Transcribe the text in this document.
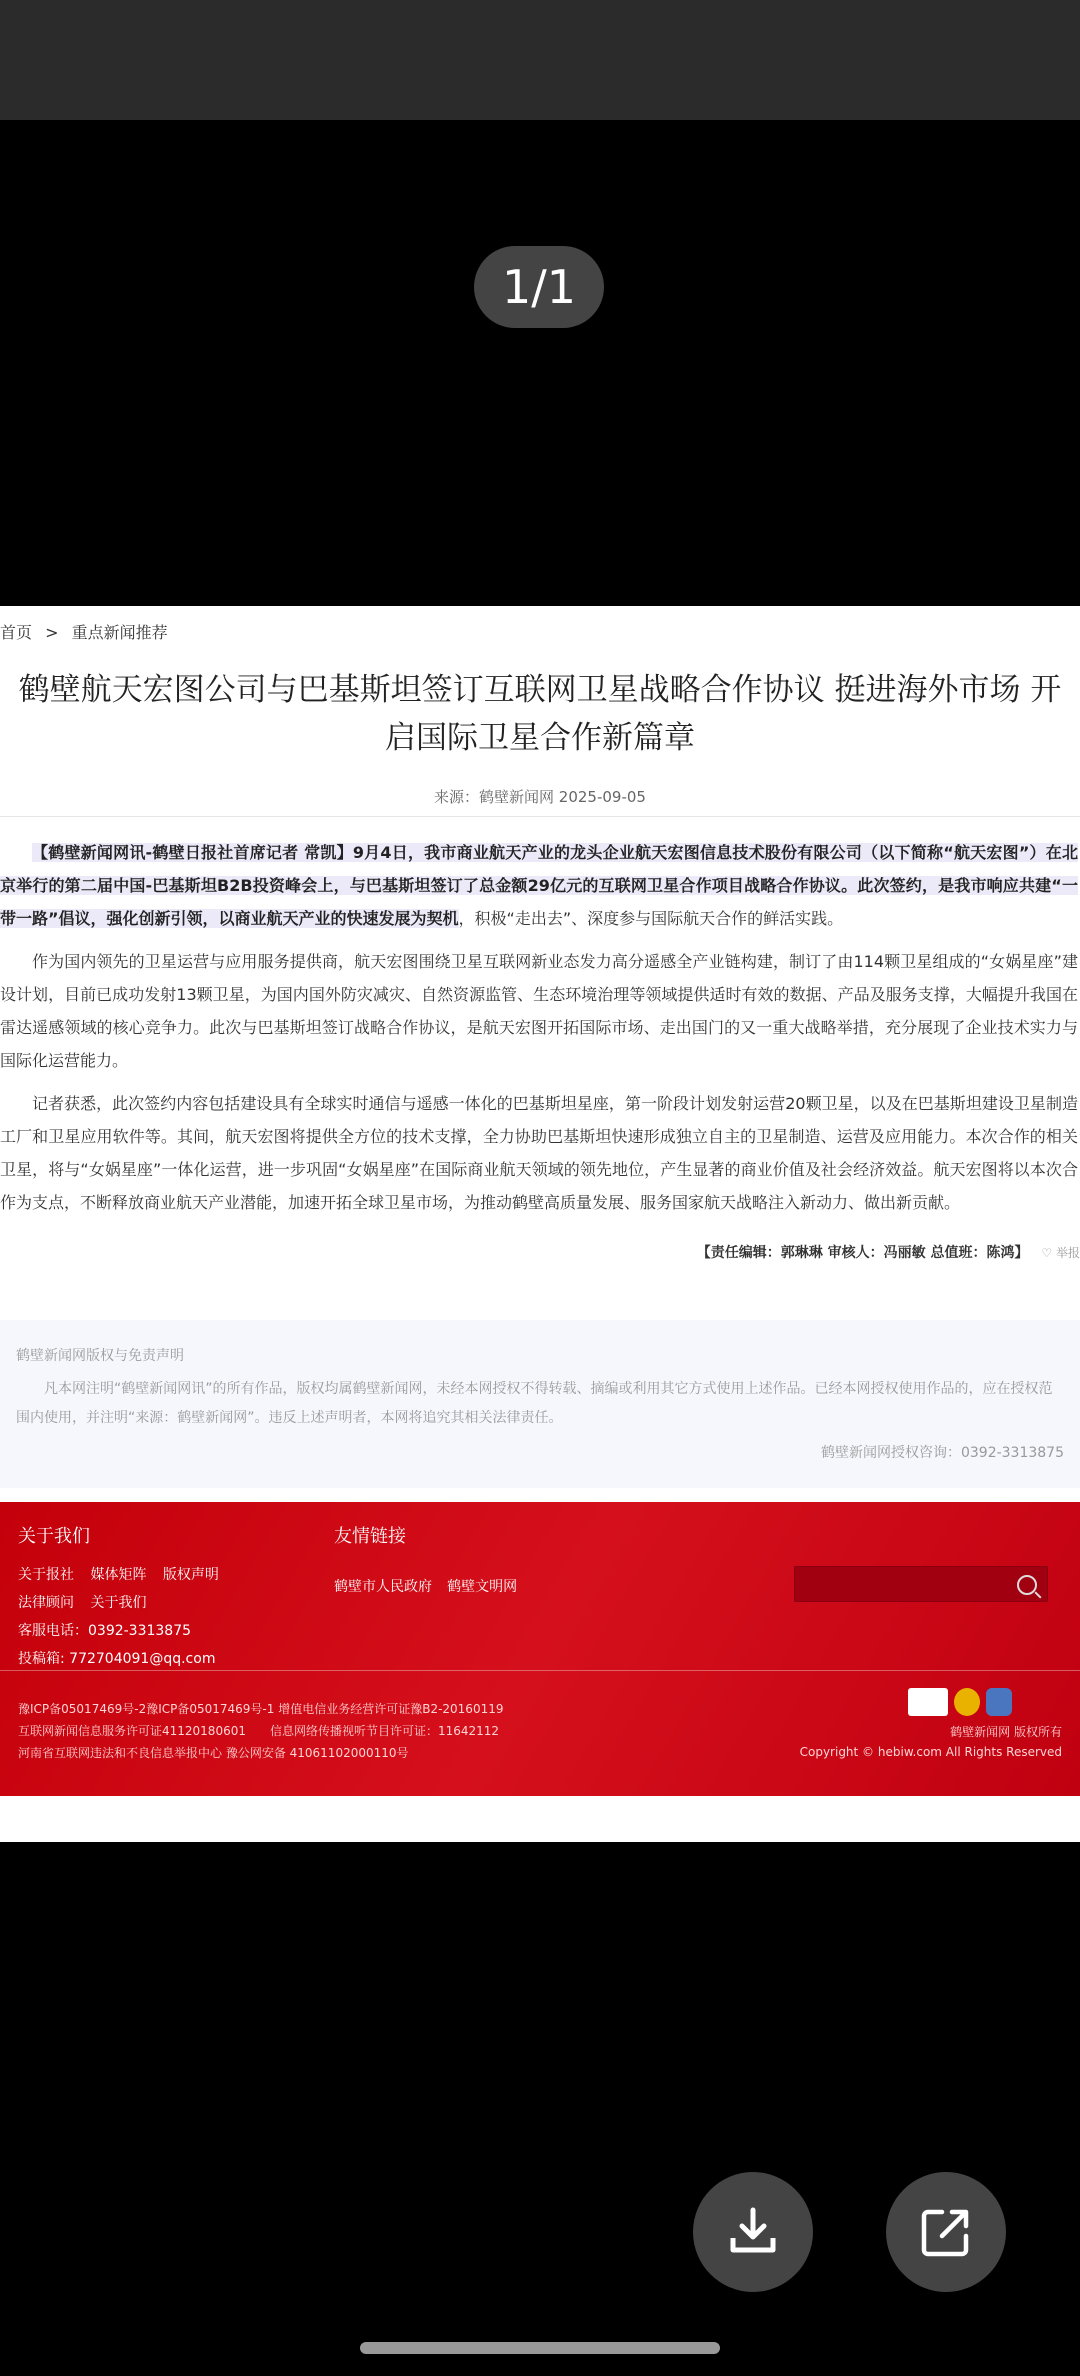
1/1
首页 > 重点新闻推荐
鹤壁航天宏图公司与巴基斯坦签订互联网卫星战略合作协议 挺进海外市场 开启国际卫星合作新篇章
来源：鹤壁新闻网 2025-09-05

【鹤壁新闻网讯-鹤壁日报社首席记者 常凯】9月4日，我市商业航天产业的龙头企业航天宏图信息技术股份有限公司（以下简称“航天宏图”）在北京举行的第二届中国-巴基斯坦B2B投资峰会上，与巴基斯坦签订了总金额29亿元的互联网卫星合作项目战略合作协议。此次签约，是我市响应共建“一带一路”倡议，强化创新引领，以商业航天产业的快速发展为契机，积极“走出去”、深度参与国际航天合作的鲜活实践。

作为国内领先的卫星运营与应用服务提供商，航天宏图围绕卫星互联网新业态发力高分遥感全产业链构建，制订了由114颗卫星组成的“女娲星座”建设计划，目前已成功发射13颗卫星，为国内国外防灾减灾、自然资源监管、生态环境治理等领域提供适时有效的数据、产品及服务支撑，大幅提升我国在雷达遥感领域的核心竞争力。此次与巴基斯坦签订战略合作协议，是航天宏图开拓国际市场、走出国门的又一重大战略举措，充分展现了企业技术实力与国际化运营能力。

记者获悉，此次签约内容包括建设具有全球实时通信与遥感一体化的巴基斯坦星座，第一阶段计划发射运营20颗卫星，以及在巴基斯坦建设卫星制造工厂和卫星应用软件等。其间，航天宏图将提供全方位的技术支撑，全力协助巴基斯坦快速形成独立自主的卫星制造、运营及应用能力。本次合作的相关卫星，将与“女娲星座”一体化运营，进一步巩固“女娲星座”在国际商业航天领域的领先地位，产生显著的商业价值及社会经济效益。航天宏图将以本次合作为支点，不断释放商业航天产业潜能，加速开拓全球卫星市场，为推动鹤壁高质量发展、服务国家航天战略注入新动力、做出新贡献。

【责任编辑：郭琳琳 审核人：冯丽敏 总值班：陈鸿】 ♡ 举报
鹤壁新闻网版权与免责声明
凡本网注明“鹤壁新闻网讯”的所有作品，版权均属鹤壁新闻网，未经本网授权不得转载、摘编或利用其它方式使用上述作品。已经本网授权使用作品的，应在授权范围内使用，并注明“来源：鹤壁新闻网”。违反上述声明者，本网将追究其相关法律责任。
鹤壁新闻网授权咨询：0392-3313875
关于我们
关于报社 媒体矩阵 版权声明
法律顾问 关于我们
客服电话：0392-3313875
投稿箱: 772704091@qq.com
友情链接
鹤壁市人民政府 鹤壁文明网
豫ICP备05017469号-2豫ICP备05017469号-1 增值电信业务经营许可证豫B2-20160119
互联网新闻信息服务许可证41120180601 信息网络传播视听节目许可证：11642112
河南省互联网违法和不良信息举报中心 豫公网安备 41061102000110号
鹤壁新闻网 版权所有
Copyright © hebiw.com All Rights Reserved
